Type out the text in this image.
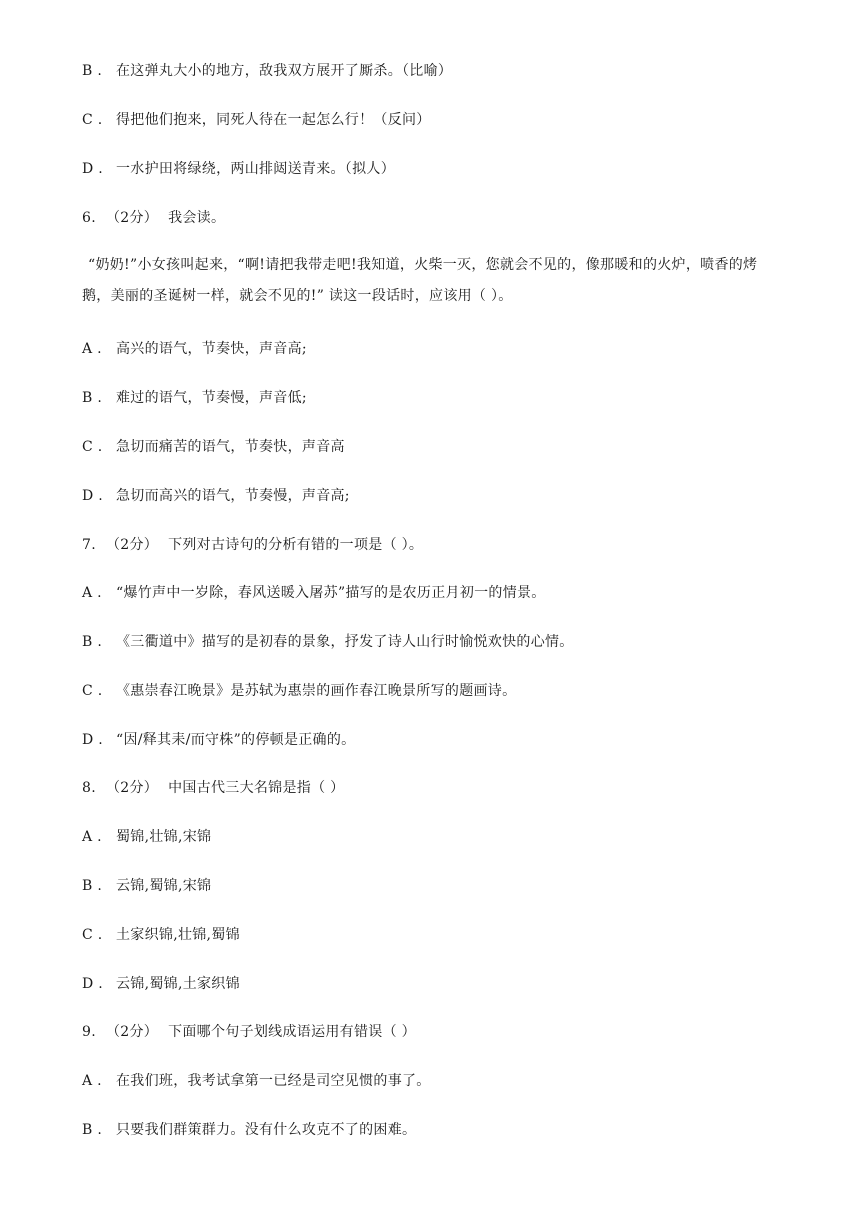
B . 在这弹丸大小的地方，敌我双方展开了厮杀。（比喻）
C . 得把他们抱来，同死人待在一起怎么行！（反问）
D . 一水护田将绿绕，两山排闼送青来。（拟人）
6. （2分） 我会读。
“奶奶!”小女孩叫起来，“啊!请把我带走吧!我知道，火柴一灭，您就会不见的，像那暖和的火炉，喷香的烤
鹅，美丽的圣诞树一样，就会不见的!” 读这一段话时，应该用（ ）。
A . 高兴的语气，节奏快，声音高;
B . 难过的语气，节奏慢，声音低;
C . 急切而痛苦的语气，节奏快，声音高
D . 急切而高兴的语气，节奏慢，声音高;
7. （2分） 下列对古诗句的分析有错的一项是（ ）。
A . “爆竹声中一岁除，春风送暖入屠苏”描写的是农历正月初一的情景。
B . 《三衢道中》描写的是初春的景象，抒发了诗人山行时愉悦欢快的心情。
C . 《惠崇春江晚景》是苏轼为惠崇的画作春江晚景所写的题画诗。
D . “因/释其耒/而守株”的停顿是正确的。
8. （2分） 中国古代三大名锦是指（ ）
A . 蜀锦,壮锦,宋锦
B . 云锦,蜀锦,宋锦
C . 土家织锦,壮锦,蜀锦
D . 云锦,蜀锦,土家织锦
9. （2分） 下面哪个句子划线成语运用有错误（ ）
A . 在我们班，我考试拿第一已经是司空见惯的事了。
B . 只要我们群策群力。没有什么攻克不了的困难。
